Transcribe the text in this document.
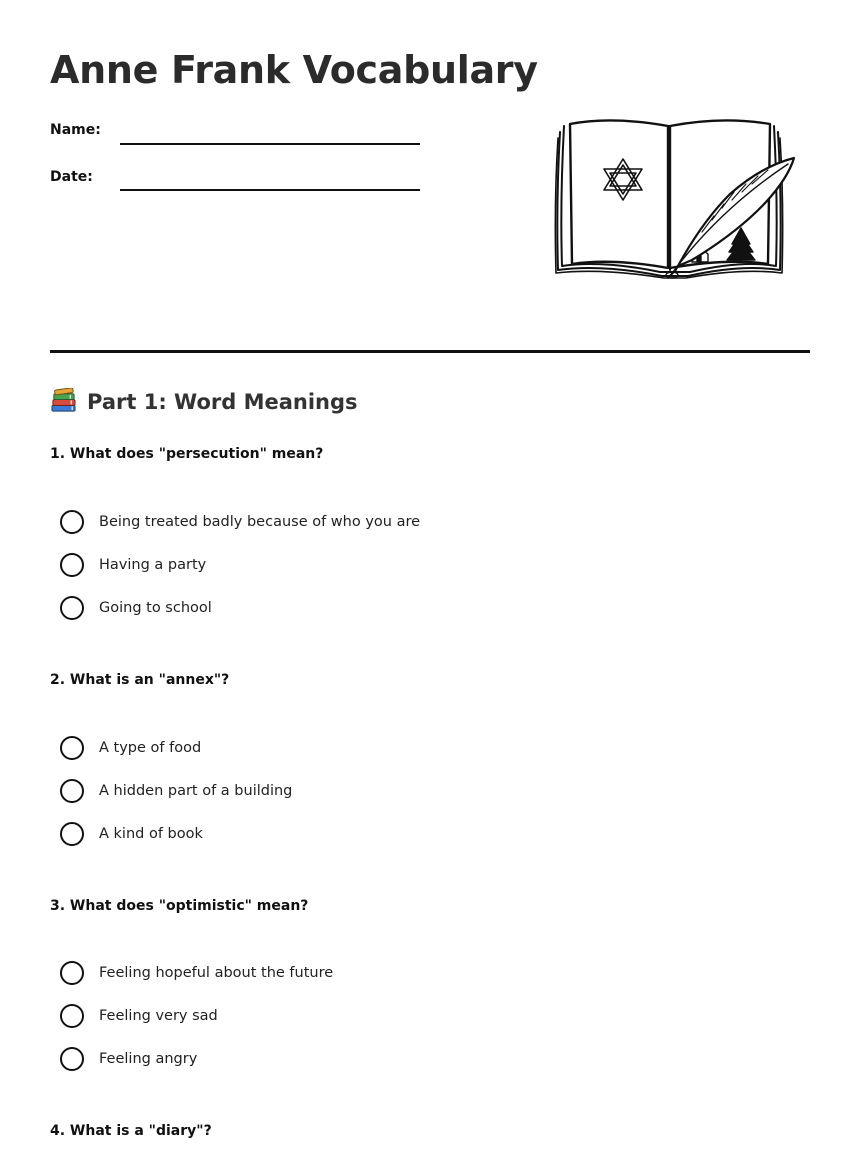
Anne Frank Vocabulary
Name:
Date:
Part 1: Word Meanings
1. What does "persecution" mean?
Being treated badly because of who you are
Having a party
Going to school
2. What is an "annex"?
A type of food
A hidden part of a building
A kind of book
3. What does "optimistic" mean?
Feeling hopeful about the future
Feeling very sad
Feeling angry
4. What is a "diary"?
